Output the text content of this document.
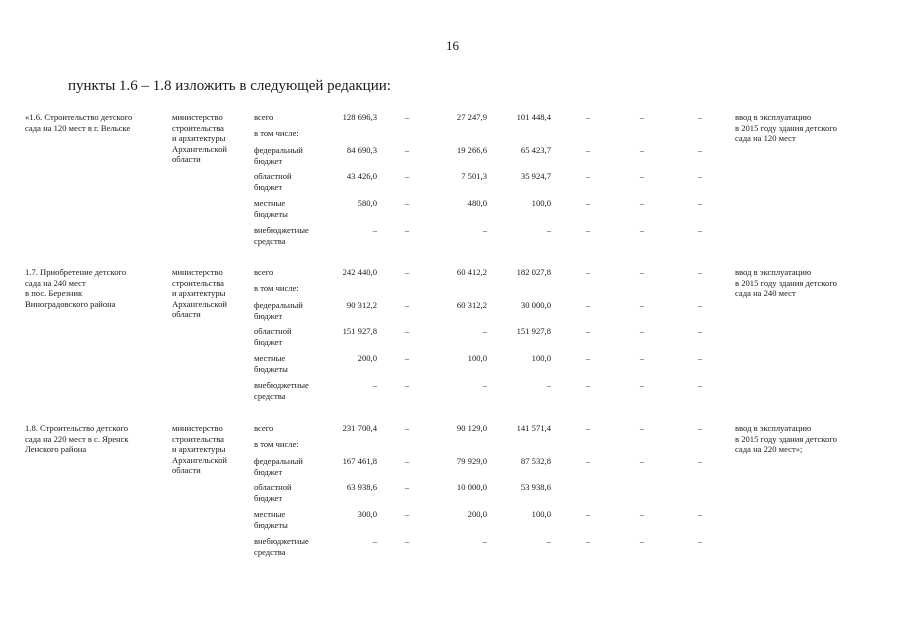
16
пункты 1.6 – 1.8 изложить в следующей редакции:
«1.6. Строительство детского
сада на 120 мест в г. Вельске
министерство
строительства
и архитектуры
Архангельской
области
ввод в эксплуатацию
в 2015 году здания детского
сада на 120 мест
всего	128 696,3	–	27 247,9	101 448,4	–	–	–
в том числе:
федеральный
бюджет
84 690,3	–	19 266,6	65 423,7	–	–	–
областной
бюджет
43 426,0	–	7 501,3	35 924,7	–	–	–
местные
бюджеты
580,0	–	480,0	100,0	–	–	–
внебюджетные
средства
–	–	–	–	–	–	–
1.7. Приобретение детского
сада на 240 мест
в пос. Березник
Виноградовского района
министерство
строительства
и архитектуры
Архангельской
области
ввод в эксплуатацию
в 2015 году здания детского
сада на 240 мест
всего	242 440,0	–	60 412,2	182 027,8	–	–	–
в том числе:
федеральный
бюджет
90 312,2	–	60 312,2	30 000,0	–	–	–
областной
бюджет
151 927,8	–	–	151 927,8	–	–	–
местные
бюджеты
200,0	–	100,0	100,0	–	–	–
внебюджетные
средства
–	–	–	–	–	–	–
1.8. Строительство детского
сада на 220 мест в с. Яренск
Ленского района
министерство
строительства
и архитектуры
Архангельской
области
ввод в эксплуатацию
в 2015 году здания детского
сада на 220 мест»;
всего	231 700,4	–	90 129,0	141 571,4	–	–	–
в том числе:
федеральный
бюджет
167 461,8	–	79 929,0	87 532,8	–	–	–
областной
бюджет
63 938,6	–	10 000,0	53 938,6
местные
бюджеты
300,0	–	200,0	100,0	–	–	–
внебюджетные
средства
–	–	–	–	–	–	–
